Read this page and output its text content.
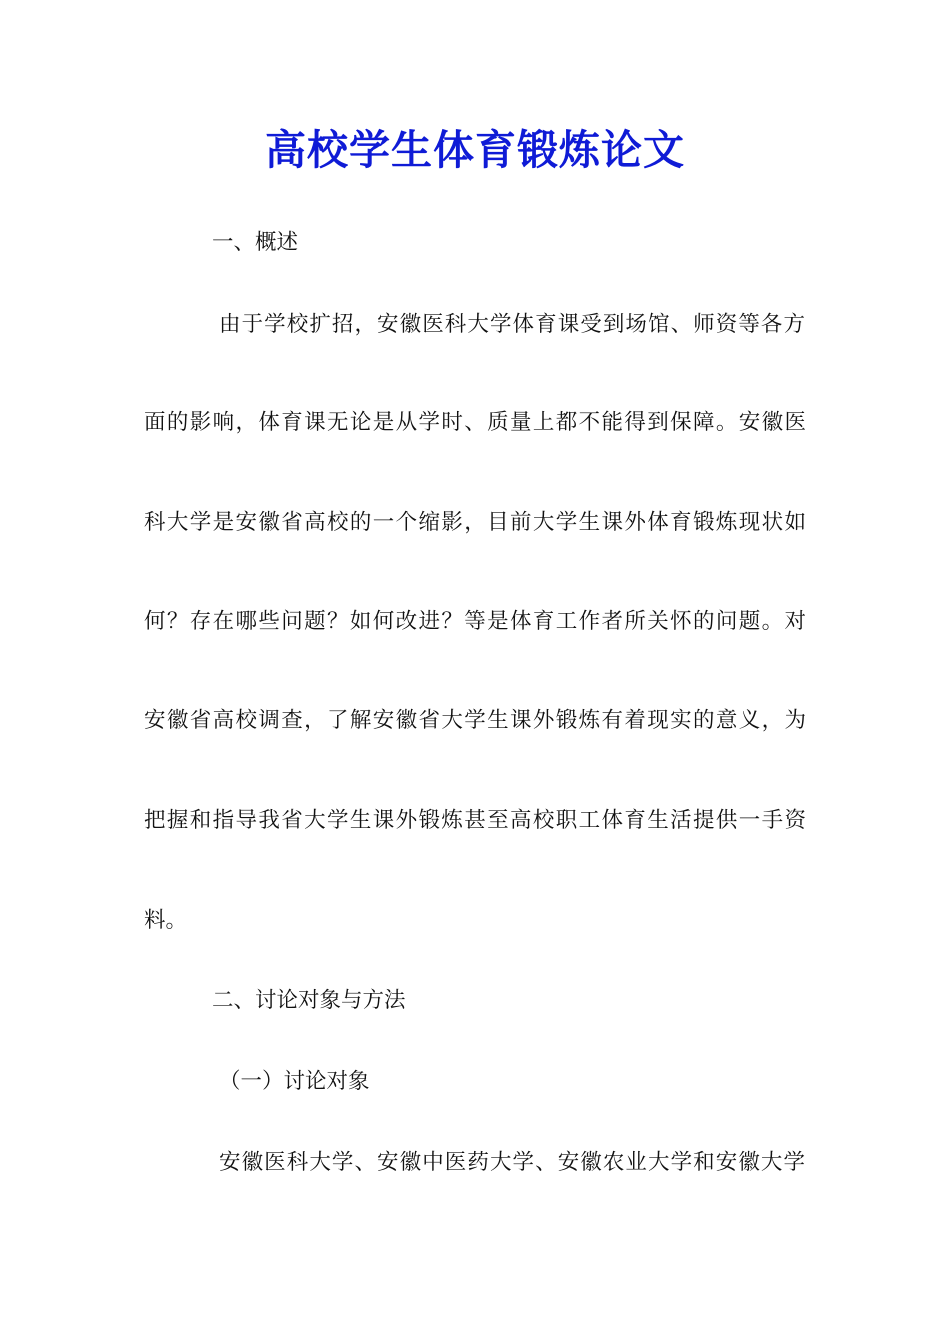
高校学生体育锻炼论文
一、概述
由于学校扩招，安徽医科大学体育课受到场馆、师资等各方
面的影响，体育课无论是从学时、质量上都不能得到保障。安徽医
科大学是安徽省高校的一个缩影，目前大学生课外体育锻炼现状如
何？存在哪些问题？如何改进？等是体育工作者所关怀的问题。对
安徽省高校调查，了解安徽省大学生课外锻炼有着现实的意义，为
把握和指导我省大学生课外锻炼甚至高校职工体育生活提供一手资
料。
二、讨论对象与方法
（一）讨论对象
安徽医科大学、安徽中医药大学、安徽农业大学和安徽大学
